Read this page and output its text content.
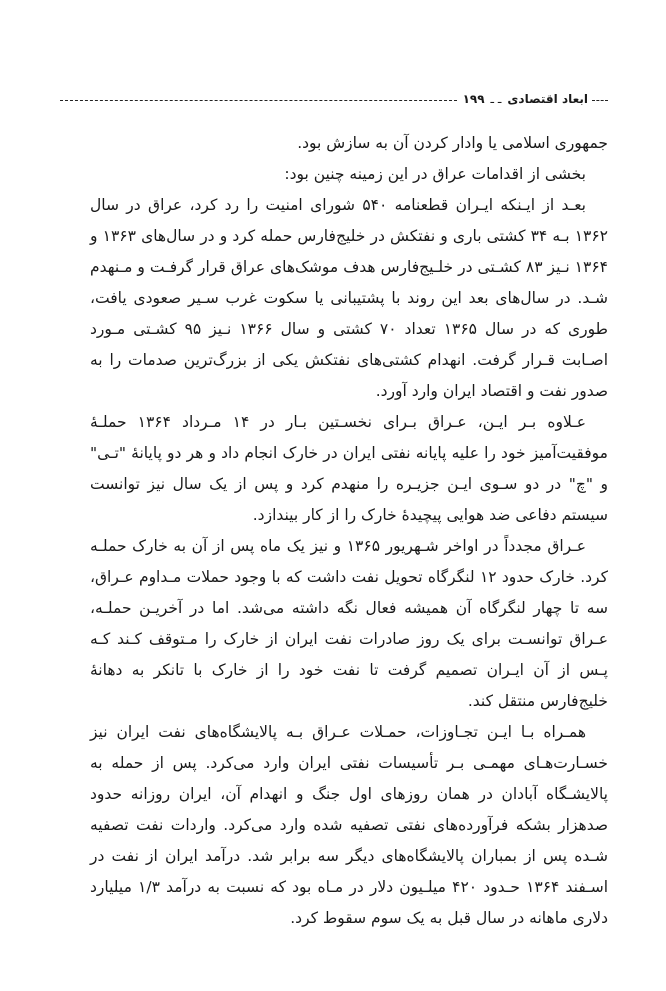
ابعاد اقتصادی
ـ ـ
۱۹۹

جمهوری اسلامی یا وادار کردن آن به سازش بود.

بخشی از اقدامات عراق در این زمینه چنین بود:

بعـد از ایـنکه ایـران قطعنامه ۵۴۰ شورای امنیت را رد کرد، عراق در سال ۱۳۶۲ بـه ۳۴ کشتی باری و نفتکش در خلیج‌فارس حمله کرد و در سال‌های ۱۳۶۳ و ۱۳۶۴ نـیز ۸۳ کشـتی در خلـیج‌فارس هدف موشک‌های عراق قرار گرفـت و مـنهدم شـد. در سال‌های بعد این روند با پشتیبانی یا سکوت غرب سـیر صعودی یافت، طوری که در سال ۱۳۶۵ تعداد ۷۰ کشتی و سال ۱۳۶۶ نـیز ۹۵ کشـتی مـورد اصـابت قـرار گرفت. انهدام کشتی‌های نفتکش یکی از بزرگ‌ترین صدمات را به صدور نفت و اقتصاد ایران وارد آورد.

عـلاوه بـر ایـن، عـراق بـرای نخسـتین بـار در ۱۴ مـرداد ۱۳۶۴ حملـهٔ موفقیت‌آمیز خود را علیه پایانه نفتی ایران در خارک انجام داد و هر دو پایانهٔ "تـی" و "چ" در دو سـوی ایـن جزیـره را منهدم کرد و پس از یک سال نیز توانست سیستم دفاعی ضد هوایی پیچیدهٔ خارک را از کار بیندازد.

عـراق مجدداً در اواخر شـهریور ۱۳۶۵ و نیز یک ماه پس از آن به خارک حملـه کرد. خارک حدود ۱۲ لنگرگاه تحویل نفت داشت که با وجود حملات مـداوم عـراق، سه تا چهار لنگرگاه آن همیشه فعال نگه داشته می‌شد. اما در آخریـن حملـه، عـراق توانسـت برای یک روز صادرات نفت ایران از خارک را مـتوقف کـند کـه پـس از آن ایـران تصمیم گرفت تا نفت خود را از خارک با تانکر به دهانهٔ خلیج‌فارس منتقل کند.

همـراه بـا ایـن تجـاوزات، حمـلات عـراق بـه پالایشگاه‌های نفت ایران نیز خسـارت‌هـای مهمـی بـر تأسیسات نفتی ایران وارد می‌کرد. پس از حمله به پالایشـگاه آبادان در همان روزهای اول جنگ و انهدام آن، ایران روزانه حدود صدهزار بشکه فرآورده‌های نفتی تصفیه شده وارد می‌کرد. واردات نفت تصفیه شـده پس از بمباران پالایشگاه‌های دیگر سه برابر شد. درآمد ایران از نفت در اسـفند ۱۳۶۴ حـدود ۴۲۰ میلـیون دلار در مـاه بود که نسبت به درآمد ۱/۳ میلیارد دلاری ماهانه در سال قبل به یک سوم سقوط کرد.
